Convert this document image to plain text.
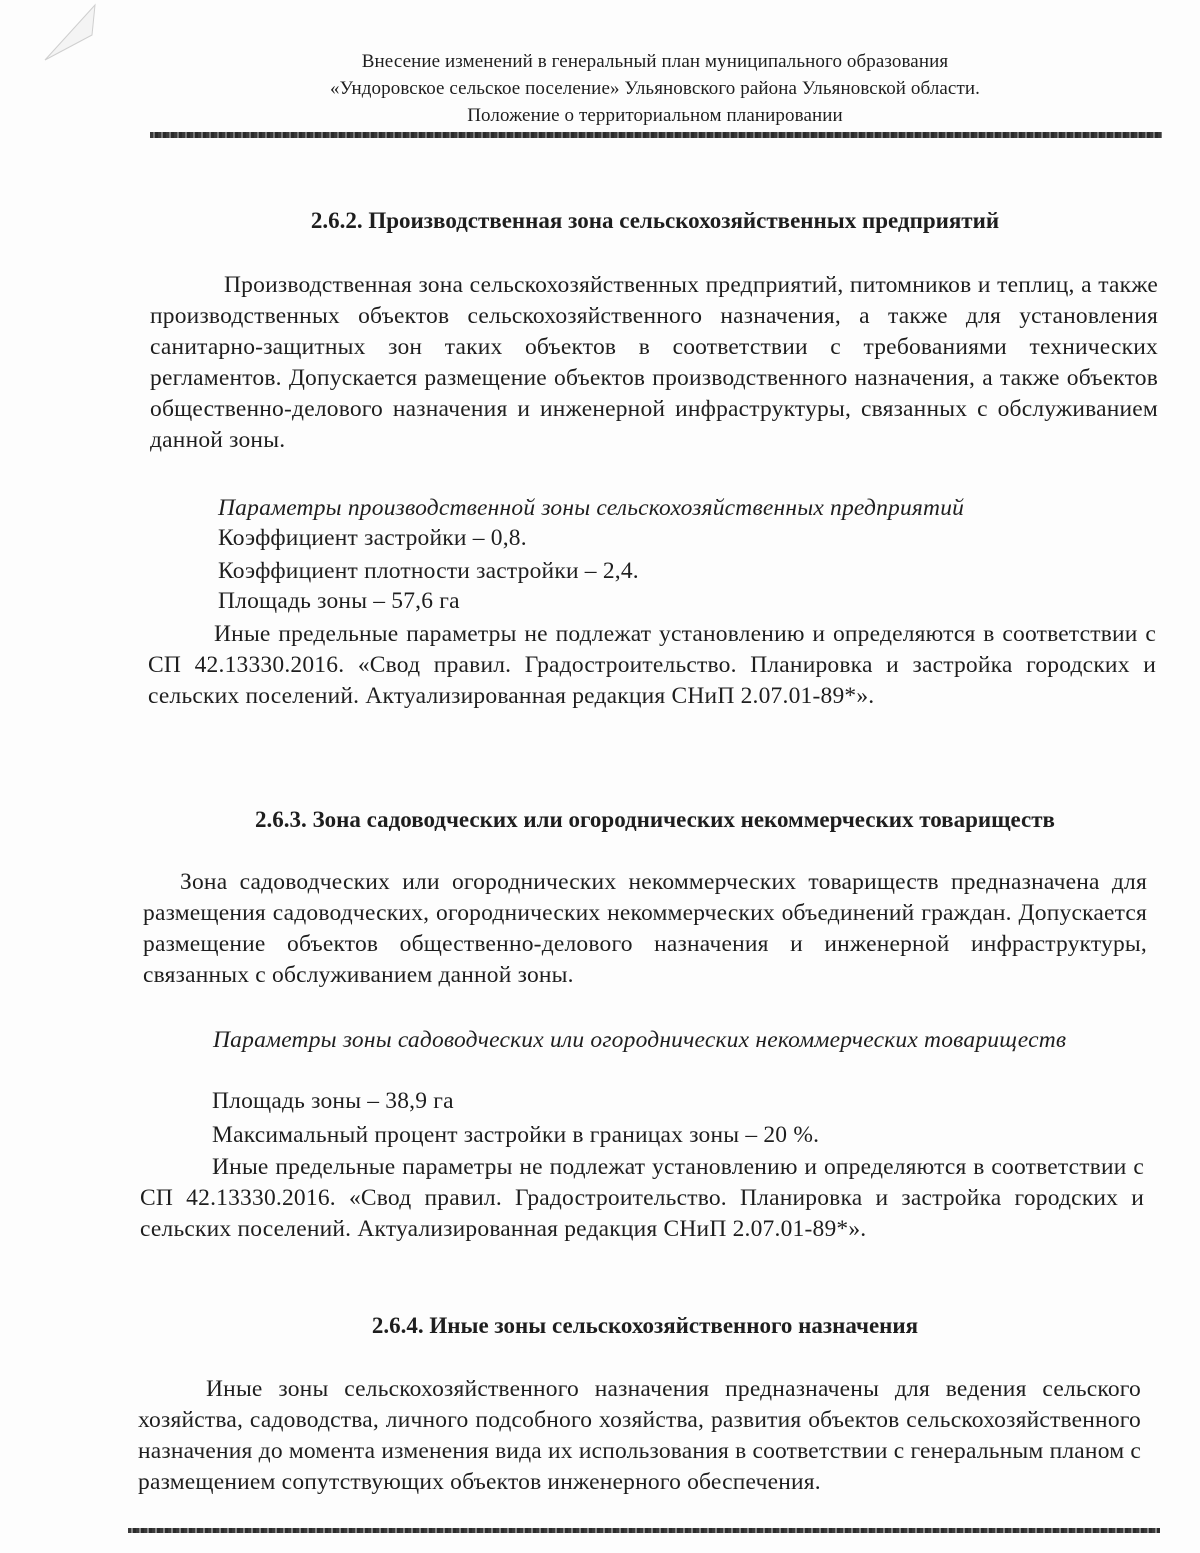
Внесение изменений в генеральный план муниципального образования
«Ундоровское сельское поселение» Ульяновского района Ульяновской области.
Положение о территориальном планировании
2.6.2. Производственная зона сельскохозяйственных предприятий
Производственная зона сельскохозяйственных предприятий, питомников и теплиц, а также производственных объектов сельскохозяйственного назначения, а также для установления санитарно-защитных зон таких объектов в соответствии с требованиями технических регламентов. Допускается размещение объектов производственного назначения, а также объектов общественно-делового назначения и инженерной инфраструктуры, связанных с обслуживанием данной зоны.
Параметры производственной зоны сельскохозяйственных предприятий
Коэффициент застройки – 0,8.
Коэффициент плотности застройки – 2,4.
Площадь зоны – 57,6 га
Иные предельные параметры не подлежат установлению и определяются в соответствии с СП 42.13330.2016. «Свод правил. Градостроительство. Планировка и застройка городских и сельских поселений. Актуализированная редакция СНиП 2.07.01-89*».
2.6.3. Зона садоводческих или огороднических некоммерческих товариществ
Зона садоводческих или огороднических некоммерческих товариществ предназначена для размещения садоводческих, огороднических некоммерческих объединений граждан. Допускается размещение объектов общественно-делового назначения и инженерной инфраструктуры, связанных с обслуживанием данной зоны.
Параметры зоны садоводческих или огороднических некоммерческих товариществ
Площадь зоны – 38,9 га
Максимальный процент застройки в границах зоны – 20 %.
Иные предельные параметры не подлежат установлению и определяются в соответствии с СП 42.13330.2016. «Свод правил. Градостроительство. Планировка и застройка городских и сельских поселений. Актуализированная редакция СНиП 2.07.01-89*».
2.6.4. Иные зоны сельскохозяйственного назначения
Иные зоны сельскохозяйственного назначения предназначены для ведения сельского хозяйства, садоводства, личного подсобного хозяйства, развития объектов сельскохозяйственного назначения до момента изменения вида их использования в соответствии с генеральным планом с размещением сопутствующих объектов инженерного обеспечения.
